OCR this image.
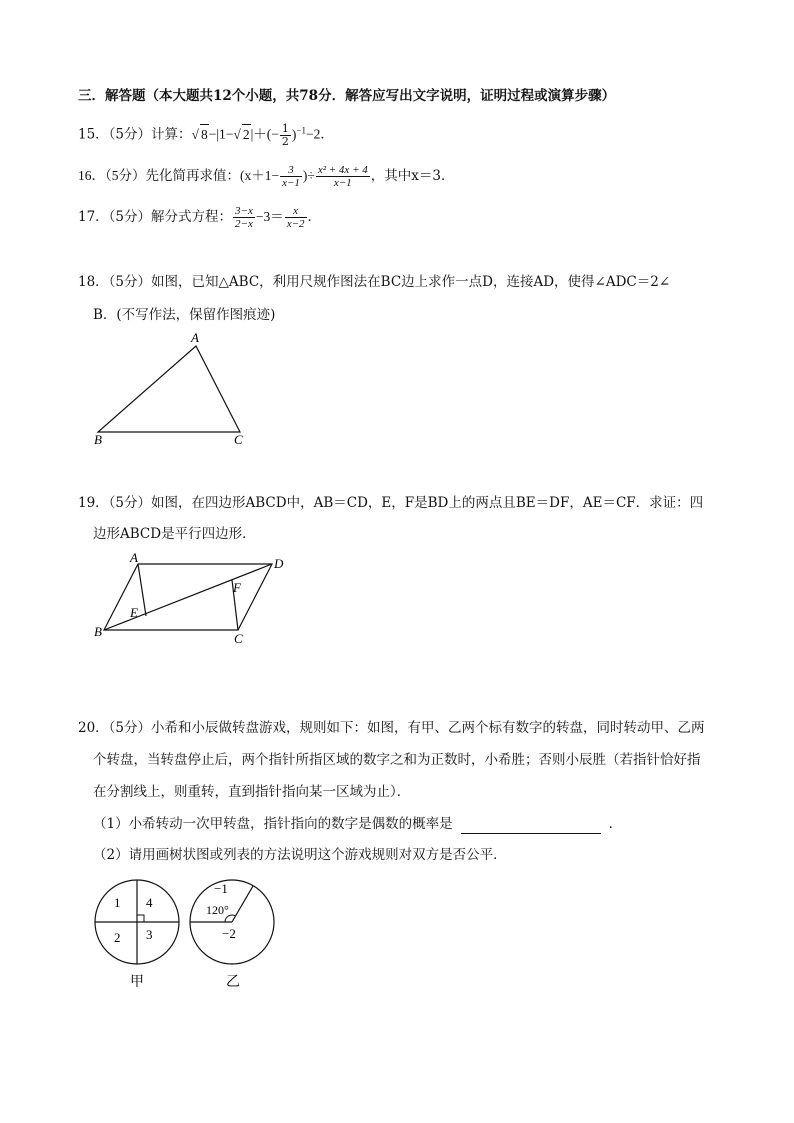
三．解答题（本大题共12个小题，共78分．解答应写出文字说明，证明过程或演算步骤）
15．（5分）计算：√ 8−|1−√ $2|+(- \frac{1}{2} )^{-1}-2$．
16．（5分）先化简再求值：($x+1- \frac{3}{x-1}$ )÷ $\frac{\text{x² + 4x + 4}}{x-1}$ ，其中x＝3．
17．（5分）解分式方程： $\frac{3-x}{2-x} -3= \frac{x}{x-2}$ ．
18．（5分）如图，已知△ABC，利用尺规作图法在BC边上求作一点D，连接AD，使得∠ADC＝2∠
B．(不写作法，保留作图痕迹)
A
B	C
19．（5分）如图，在四边形ABCD中，AB＝CD，E，F是BD上的两点且BE＝DF，AE＝CF．求证：四
边形ABCD是平行四边形．
A
B	C
D
E
F
20．（5分）小希和小辰做转盘游戏，规则如下：如图，有甲、乙两个标有数字的转盘，同时转动甲、乙两
个转盘，当转盘停止后，两个指针所指区域的数字之和为正数时，小希胜；否则小辰胜（若指针恰好指
在分割线上，则重转，直到指针指向某一区域为止）．
（1）小希转动一次甲转盘，指针指向的数字是偶数的概率是	．
（2）请用画树状图或列表的方法说明这个游戏规则对双方是否公平．
1 4
2 3
甲
−1
120°
−2
乙
